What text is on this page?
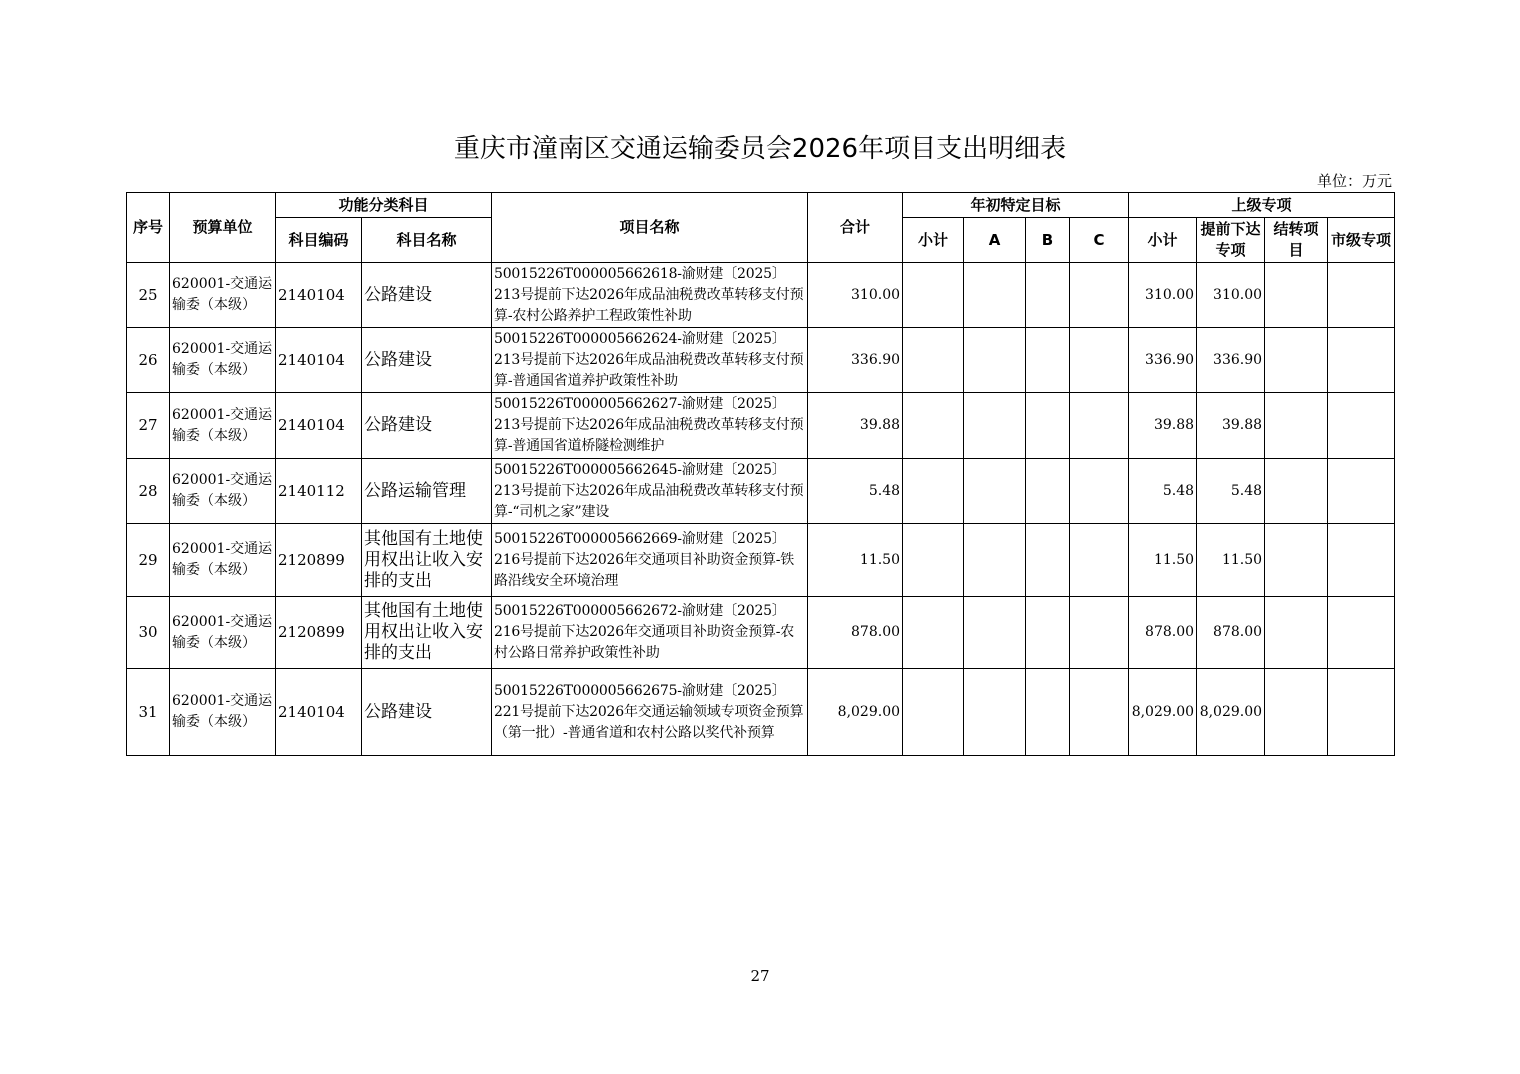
重庆市潼南区交通运输委员会2026年项目支出明细表
单位：万元
序号	预算单位	功能分类科目		项目名称	合计	年初特定目标				上级专项			
		科目编码	科目名称			小计	A	B	C	小计	提前下达专项	结转项目	市级专项
25	620001-交通运输委（本级）	2140104	公路建设	50015226T000005662618-渝财建〔2025〕213号提前下达2026年成品油税费改革转移支付预算-农村公路养护工程政策性补助	310.00					310.00	310.00		
26	620001-交通运输委（本级）	2140104	公路建设	50015226T000005662624-渝财建〔2025〕213号提前下达2026年成品油税费改革转移支付预算-普通国省道养护政策性补助	336.90					336.90	336.90		
27	620001-交通运输委（本级）	2140104	公路建设	50015226T000005662627-渝财建〔2025〕213号提前下达2026年成品油税费改革转移支付预算-普通国省道桥隧检测维护	39.88					39.88	39.88		
28	620001-交通运输委（本级）	2140112	公路运输管理	50015226T000005662645-渝财建〔2025〕213号提前下达2026年成品油税费改革转移支付预算-“司机之家”建设	5.48					5.48	5.48		
29	620001-交通运输委（本级）	2120899	其他国有土地使用权出让收入安排的支出	50015226T000005662669-渝财建〔2025〕216号提前下达2026年交通项目补助资金预算-铁路沿线安全环境治理	11.50					11.50	11.50		
30	620001-交通运输委（本级）	2120899	其他国有土地使用权出让收入安排的支出	50015226T000005662672-渝财建〔2025〕216号提前下达2026年交通项目补助资金预算-农村公路日常养护政策性补助	878.00					878.00	878.00		
31	620001-交通运输委（本级）	2140104	公路建设	50015226T000005662675-渝财建〔2025〕221号提前下达2026年交通运输领域专项资金预算（第一批）-普通省道和农村公路以奖代补预算	8,029.00					8,029.00	8,029.00		
27
